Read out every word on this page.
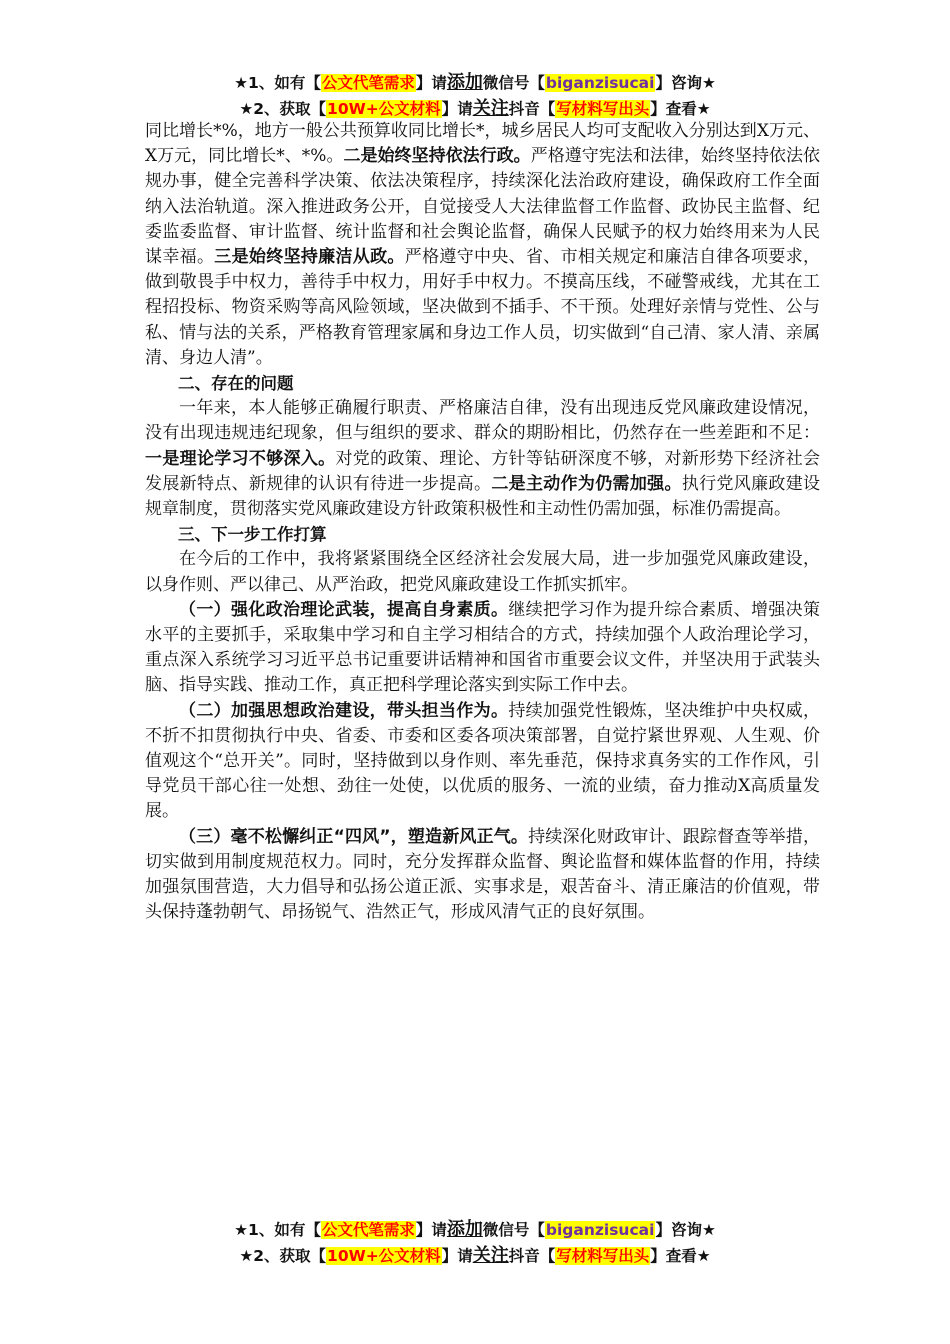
★1、如有【公文代笔需求】请添加微信号【biganzisucai】咨询★
★2、获取【10W+公文材料】请关注抖音【写材料写出头】查看★

同比增长*%，地方一般公共预算收同比增长*，城乡居民人均可支配收入分别达到X万元、X万元，同比增长*、*%。二是始终坚持依法行政。严格遵守宪法和法律，始终坚持依法依规办事，健全完善科学决策、依法决策程序，持续深化法治政府建设，确保政府工作全面纳入法治轨道。深入推进政务公开，自觉接受人大法律监督工作监督、政协民主监督、纪委监委监督、审计监督、统计监督和社会舆论监督，确保人民赋予的权力始终用来为人民谋幸福。三是始终坚持廉洁从政。严格遵守中央、省、市相关规定和廉洁自律各项要求，做到敬畏手中权力，善待手中权力，用好手中权力。不摸高压线，不碰警戒线，尤其在工程招投标、物资采购等高风险领域，坚决做到不插手、不干预。处理好亲情与党性、公与私、情与法的关系，严格教育管理家属和身边工作人员，切实做到“自己清、家人清、亲属清、身边人清”。

二、存在的问题

一年来，本人能够正确履行职责、严格廉洁自律，没有出现违反党风廉政建设情况，没有出现违规违纪现象，但与组织的要求、群众的期盼相比，仍然存在一些差距和不足：一是理论学习不够深入。对党的政策、理论、方针等钻研深度不够，对新形势下经济社会发展新特点、新规律的认识有待进一步提高。二是主动作为仍需加强。执行党风廉政建设规章制度，贯彻落实党风廉政建设方针政策积极性和主动性仍需加强，标准仍需提高。

三、下一步工作打算

在今后的工作中，我将紧紧围绕全区经济社会发展大局，进一步加强党风廉政建设，以身作则、严以律己、从严治政，把党风廉政建设工作抓实抓牢。

（一）强化政治理论武装，提高自身素质。继续把学习作为提升综合素质、增强决策水平的主要抓手，采取集中学习和自主学习相结合的方式，持续加强个人政治理论学习，重点深入系统学习习近平总书记重要讲话精神和国省市重要会议文件，并坚决用于武装头脑、指导实践、推动工作，真正把科学理论落实到实际工作中去。

（二）加强思想政治建设，带头担当作为。持续加强党性锻炼，坚决维护中央权威，不折不扣贯彻执行中央、省委、市委和区委各项决策部署，自觉拧紧世界观、人生观、价值观这个“总开关”。同时，坚持做到以身作则、率先垂范，保持求真务实的工作作风，引导党员干部心往一处想、劲往一处使，以优质的服务、一流的业绩，奋力推动X高质量发展。

（三）毫不松懈纠正“四风”，塑造新风正气。持续深化财政审计、跟踪督查等举措，切实做到用制度规范权力。同时，充分发挥群众监督、舆论监督和媒体监督的作用，持续加强氛围营造，大力倡导和弘扬公道正派、实事求是，艰苦奋斗、清正廉洁的价值观，带头保持蓬勃朝气、昂扬锐气、浩然正气，形成风清气正的良好氛围。

★1、如有【公文代笔需求】请添加微信号【biganzisucai】咨询★
★2、获取【10W+公文材料】请关注抖音【写材料写出头】查看★
